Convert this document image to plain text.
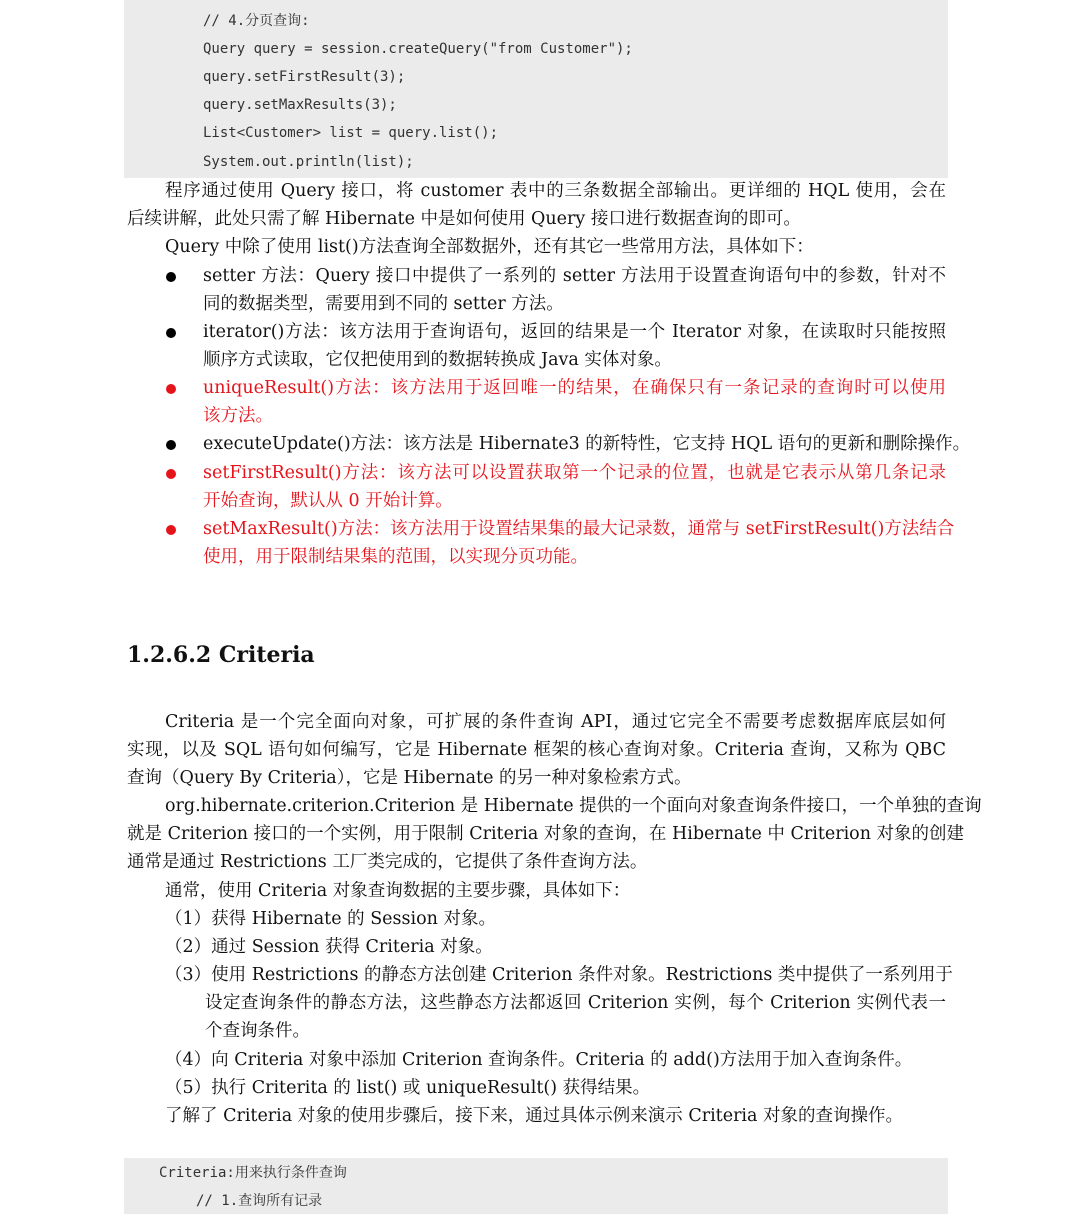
// 4.分页查询:
Query query = session.createQuery("from Customer");
query.setFirstResult(3);
query.setMaxResults(3);
List<Customer> list = query.list();
System.out.println(list);
程序通过使用 Query 接口，将 customer 表中的三条数据全部输出。更详细的 HQL 使用，会在
后续讲解，此处只需了解 Hibernate 中是如何使用 Query 接口进行数据查询的即可。
Query 中除了使用 list()方法查询全部数据外，还有其它一些常用方法，具体如下：
setter 方法：Query 接口中提供了一系列的 setter 方法用于设置查询语句中的参数，针对不
同的数据类型，需要用到不同的 setter 方法。
iterator()方法：该方法用于查询语句，返回的结果是一个 Iterator 对象，在读取时只能按照
顺序方式读取，它仅把使用到的数据转换成 Java 实体对象。
uniqueResult()方法：该方法用于返回唯一的结果，在确保只有一条记录的查询时可以使用
该方法。
executeUpdate()方法：该方法是 Hibernate3 的新特性，它支持 HQL 语句的更新和删除操作。
setFirstResult()方法：该方法可以设置获取第一个记录的位置，也就是它表示从第几条记录
开始查询，默认从 0 开始计算。
setMaxResult()方法：该方法用于设置结果集的最大记录数，通常与 setFirstResult()方法结合
使用，用于限制结果集的范围，以实现分页功能。
1.2.6.2 Criteria
Criteria 是一个完全面向对象，可扩展的条件查询 API，通过它完全不需要考虑数据库底层如何
实现，以及 SQL 语句如何编写，它是 Hibernate 框架的核心查询对象。Criteria 查询，又称为 QBC
查询（Query By Criteria），它是 Hibernate 的另一种对象检索方式。
org.hibernate.criterion.Criterion 是 Hibernate 提供的一个面向对象查询条件接口，一个单独的查询
就是 Criterion 接口的一个实例，用于限制 Criteria 对象的查询，在 Hibernate 中 Criterion 对象的创建
通常是通过 Restrictions 工厂类完成的，它提供了条件查询方法。
通常，使用 Criteria 对象查询数据的主要步骤，具体如下：
（1）获得 Hibernate 的 Session 对象。
（2）通过 Session 获得 Criteria 对象。
（3）使用 Restrictions 的静态方法创建 Criterion 条件对象。Restrictions 类中提供了一系列用于
设定查询条件的静态方法，这些静态方法都返回 Criterion 实例，每个 Criterion 实例代表一
个查询条件。
（4）向 Criteria 对象中添加 Criterion 查询条件。Criteria 的 add()方法用于加入查询条件。
（5）执行 Criterita 的 list() 或 uniqueResult() 获得结果。
了解了 Criteria 对象的使用步骤后，接下来，通过具体示例来演示 Criteria 对象的查询操作。
Criteria:用来执行条件查询
// 1.查询所有记录
